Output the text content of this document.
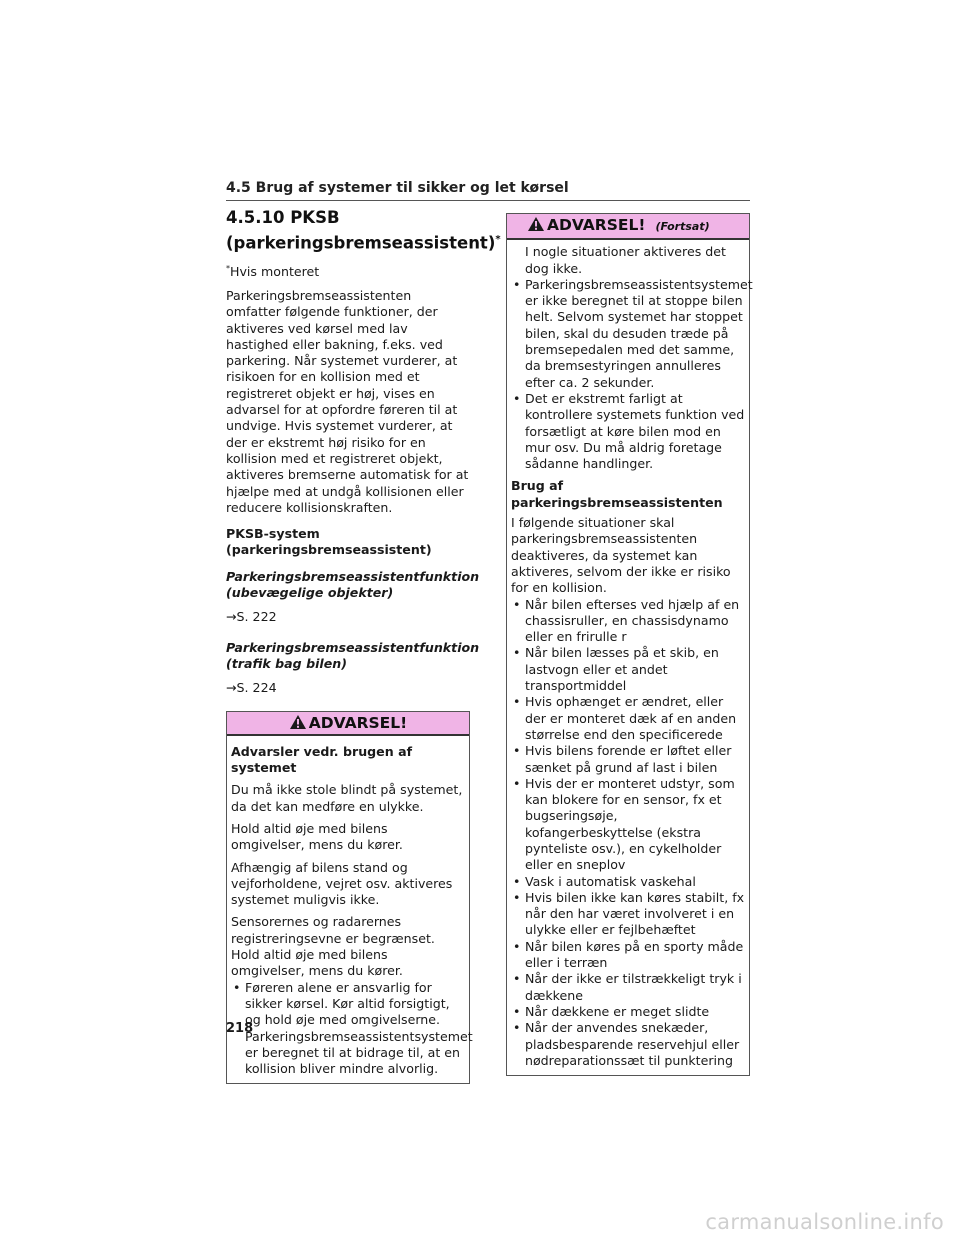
4.5 Brug af systemer til sikker og let kørsel
4.5.10 PKSB (parkeringsbremseassistent)*

*Hvis monteret

Parkeringsbremseassistenten omfatter følgende funktioner, der aktiveres ved kørsel med lav hastighed eller bakning, f.eks. ved parkering. Når systemet vurderer, at risikoen for en kollision med et registreret objekt er høj, vises en advarsel for at opfordre føreren til at undvige. Hvis systemet vurderer, at der er ekstremt høj risiko for en kollision med et registreret objekt, aktiveres bremserne automatisk for at hjælpe med at undgå kollisionen eller reducere kollisionskraften.

PKSB-system (parkeringsbremseassistent)

Parkeringsbremseassistentfunktion (ubevægelige objekter)

→S. 222

Parkeringsbremseassistentfunktion (trafik bag bilen)

→S. 224

ADVARSEL!

Advarsler vedr. brugen af systemet

Du må ikke stole blindt på systemet, da det kan medføre en ulykke.

Hold altid øje med bilens omgivelser, mens du kører.

Afhængig af bilens stand og vejforholdene, vejret osv. aktiveres systemet muligvis ikke.

Sensorernes og radarernes registreringsevne er begrænset. Hold altid øje med bilens omgivelser, mens du kører.

• Føreren alene er ansvarlig for sikker kørsel. Kør altid forsigtigt, og hold øje med omgivelserne. Parkeringsbremseassistentsystemet er beregnet til at bidrage til, at en kollision bliver mindre alvorlig.
ADVARSEL! (Fortsat)

I nogle situationer aktiveres det dog ikke.

• Parkeringsbremseassistentsystemet er ikke beregnet til at stoppe bilen helt. Selvom systemet har stoppet bilen, skal du desuden træde på bremsepedalen med det samme, da bremsestyringen annulleres efter ca. 2 sekunder.
• Det er ekstremt farligt at kontrollere systemets funktion ved forsætligt at køre bilen mod en mur osv. Du må aldrig foretage sådanne handlinger.

Brug af parkeringsbremseassistenten

I følgende situationer skal parkeringsbremseassistenten deaktiveres, da systemet kan aktiveres, selvom der ikke er risiko for en kollision.

• Når bilen efterses ved hjælp af en chassisruller, en chassisdynamo eller en frirulle r
• Når bilen læsses på et skib, en lastvogn eller et andet transportmiddel
• Hvis ophænget er ændret, eller der er monteret dæk af en anden størrelse end den specificerede
• Hvis bilens forende er løftet eller sænket på grund af last i bilen
• Hvis der er monteret udstyr, som kan blokere for en sensor, fx et bugseringsøje, kofangerbeskyttelse (ekstra pynteliste osv.), en cykelholder eller en sneplov
• Vask i automatisk vaskehal
• Hvis bilen ikke kan køres stabilt, fx når den har været involveret i en ulykke eller er fejlbehæftet
• Når bilen køres på en sporty måde eller i terræn
• Når der ikke er tilstrækkeligt tryk i dækkene
• Når dækkene er meget slidte
• Når der anvendes snekæder, pladsbesparende reservehjul eller nødreparationssæt til punktering
218
carmanualsonline.info
